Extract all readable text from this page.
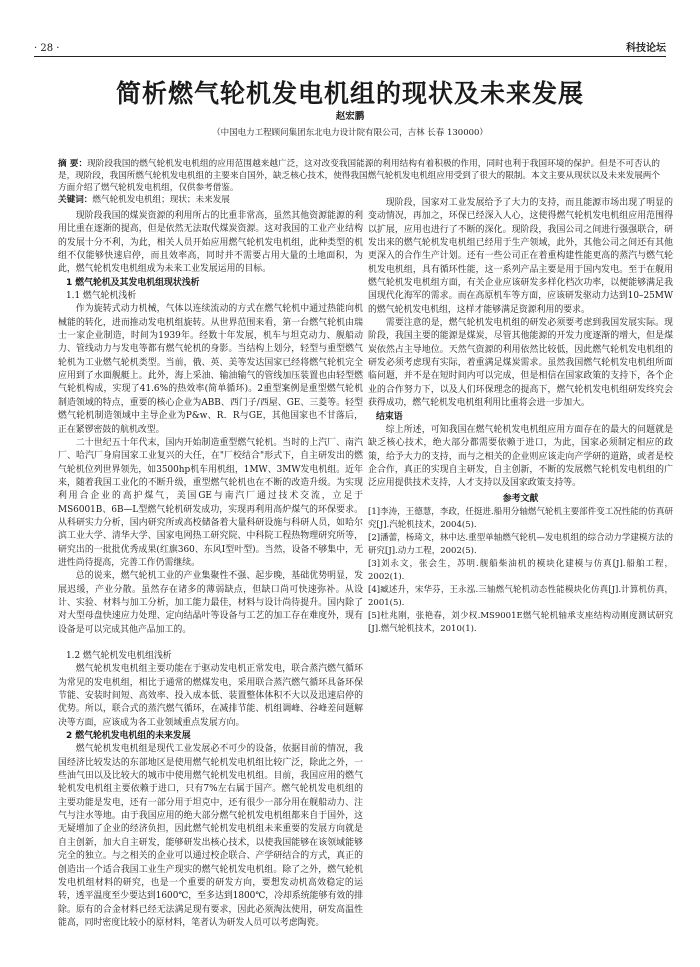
· 28 ·	科技论坛
简析燃气轮机发电机组的现状及未来发展
赵宏鹏
（中国电力工程顾问集团东北电力设计院有限公司，吉林 长春 130000）

摘 要：现阶段我国的燃气轮机发电机组的应用范围越来越广泛，这对改变我国能源的利用结构有着积极的作用，同时也利于我国环境的保护。但是不可否认的是，现阶段，我国所燃气轮机发电机组的主要来自国外，缺乏核心技术，使得我国燃气轮机发电机组应用受到了很大的限制。本文主要从现状以及未来发展两个方面介绍了燃气轮机发电机组，仅供参考借鉴。

关键词：燃气轮机发电机组；现状；未来发展

现阶段我国的煤炭资源的利用所占的比重非常高，虽然其他资源能源的利用比重在逐渐的提高，但是依然无法取代煤炭资源。这对我国的工业产业结构的发展十分不利，为此，相关人员开始应用燃气轮机发电机组，此种类型的机组不仅能够快速启停，而且效率高，同时并不需要占用大量的土地面积，为此，燃气轮机发电机组成为未来工业发展运用的目标。

1 燃气轮机及其发电机组现状浅析
1.1 燃气轮机浅析

作为旋转式动力机械，气体以连续流动的方式在燃气轮机中通过热能向机械能的转化，进而推动发电机组旋转。从世界范围来看，第一台燃气轮机由瑞士一家企业制造，时间为1939年。经数十年发展，机车与坦克动力、舰船动力、管线动力与发电等都有燃气轮机的身影。当结构上划分，轻型与重型燃气轮机为工业燃气轮机类型。当前，俄、英、美等发达国家已经将燃气轮机完全应用到了水面舰艇上。此外，海上采油、输油输气的管线加压装置也由轻型燃气轮机构成，实现了41.6%的热效率(简单循环)。2重型案例是重型燃气轮机制造领域的特点，重要的核心企业为ABB、西门子/西屋、GE、三菱等。轻型燃气轮机制造领域中主导企业为P&w、R．R与GE，其他国家也不甘落后，正在紧锣密鼓的航机改型。

二十世纪五十年代末，国内开始制造重型燃气轮机。当时的上汽厂、南汽厂、哈汽厂身肩国家工业复兴的大任，在"厂校结合"形式下，自主研发出的燃气轮机位列世界领先，如3500hp机车用机组，1MW、3MW发电机组。近年来，随着我国工业化的不断升级，重型燃气轮机也在不断的改造升级。为实现利用合企业的高护煤气，美国GE与南汽厂通过技术交流，立足于MS6001B、6B—L型燃气轮机研发成功，实现再利用高炉煤气的环保要求。从科研实力分析，国内研究所或高校储备着大量科研设施与科研人员，如哈尔滨工业大学、清华大学、国家电网热工研究院、中科院工程热物理研究所等，研究出的一批批优秀成果(红旗360、东风Ⅰ型叶型)。当然，设备不够集中，无进性尚待提高，完善工作仍需继续。

总的说来，燃气轮机工业的产业集聚性不强、起步晚，基础优势明显，发展迟缓，产业分散。虽然存在诸多的薄弱缺点，但缺口尚可快速弥补。从设计、实验、材料与加工分析，加工能力最佳，材料与设计尚待提升。国内除了对大型母盘快速应力处理、定向结晶叶等设备与工艺的加工存在难度外，现有设备是可以完成其他产品加工的。

1.2 燃气轮机发电机组浅析

燃气轮机发电机组主要功能在于驱动发电机正常发电，联合蒸汽燃气循环为常见的发电机组，相比于通常的燃煤发电，采用联合蒸汽燃气循环具备环保节能、安装时间短、高效率、投入成本低、装置整体体积不大以及迅速启停的优势。所以，联合式的蒸汽燃气循环，在减排节能、机组调峰、谷峰差问题解决等方面，应该成为各工业领域重点发展方向。

2 燃气轮机发电机组的未来发展

燃气轮机发电机组是现代工业发展必不可少的设备，依据目前的情况，我国经济比较发达的东部地区是使用燃气轮机发电机组比较广泛，除此之外，一些油气田以及比较大的城市中使用燃气轮机发电机组。目前，我国应用的燃气轮机发电机组主要依赖于进口，只有7%左右属于国产。燃气轮机发电机组的主要功能是发电，还有一部分用于坦克中，还有很少一部分用在舰船动力、注气与注水等地。由于我国应用的绝大部分燃气轮机发电机组都来自于国外，这无疑增加了企业的经济负担，因此燃气轮机发电机组未来重要的发展方向就是自主创新，加大自主研发，能够研发出核心技术，以使我国能够在该领域能够完全的独立。与之相关的企业可以通过校企联合、产学研结合的方式，真正的创造出一个适合我国工业生产现实的燃气轮机发电机组。除了之外，燃气轮机发电机组材料的研究，也是一个重要的研发方向，要想发动机高效稳定的运转，透平温度至少要达到1600℃，至多达到1800℃，冷却系统能够有效的排除。原有的合金材料已经无法满足现有要求，因此必须淘汰使用，研发高温性能高，同时密度比较小的原材料，笔者认为研发人员可以考虑陶瓷。

现阶段，国家对工业发展给予了大力的支持，而且能源市场出现了明显的变动情况，再加之，环保已经深入人心，这使得燃气轮机发电机组应用范围得以扩展，应用也进行了不断的深化。现阶段，我国公司之间进行强强联合，研发出来的燃气轮机发电机组已经用于生产领域，此外，其他公司之间还有其他更深入的合作生产计划。还有一些公司正在着重构建性能更高的蒸汽与燃气轮机发电机组，具有循环性能，这一系列产品主要是用于国内发电。至于在舰用燃气轮机发电机组方面，有关企业应该研发多样化档次功率，以便能够满足我国现代化海军的需求。而在高原机车等方面，应该研发驱动力达到10–25MW的燃气轮机发电机组，这样才能够满足资源利用的要求。

需要注意的是，燃气轮机发电机组的研发必须要考虑到我国发展实际。现阶段，我国主要的能源是煤炭，尽管其他能源的开发力度逐渐的增大，但是煤炭依然占主导地位。天然气资源的利用依然比较低，因此燃气轮机发电机组的研发必须考虑现有实际，着重满足煤炭需求。虽然我国燃气轮机发电机组所面临问题，并不是在短时间内可以完成，但是相信在国家政策的支持下，各个企业的合作努力下，以及人们环保理念的提高下，燃气轮机发电机组研发终究会获得成功，燃气轮机发电机组利用比重将会进一步加大。

结束语

综上所述，可知我国在燃气轮机发电机组应用方面存在的最大的问题就是缺乏核心技术，绝大部分都需要依赖于进口，为此，国家必须制定相应的政策，给予大力的支持，而与之相关的企业则应该走向产学研的道路，或者是校企合作，真正的实现自主研发，自主创新，不断的发展燃气轮机发电机组的广泛应用提供技术支持，人才支持以及国家政策支持等。

参考文献

[1]李涛，王德慧，李政，任挺进.船用分轴燃气轮机主要部件变工况性能的仿真研究[J].汽轮机技术，2004(5).

[2]潘蕾，杨琦文，林中达.重型单轴燃气轮机—发电机组的综合动力学建模方法的研究[J].动力工程，2002(5).

[3]刘永文，张会生，苏明.舰船柴油机的模块化建模与仿真[J].船舶工程，2002(1).

[4]臧述升，宋华芬，王永泓.三轴燃气轮机动态性能模块化仿真[J].计算机仿真，2001(5).

[5]杜兆刚，张艳春，刘少权.MS9001E燃气轮机轴承支座结构动刚度测试研究[J].燃气轮机技术，2010(1).
